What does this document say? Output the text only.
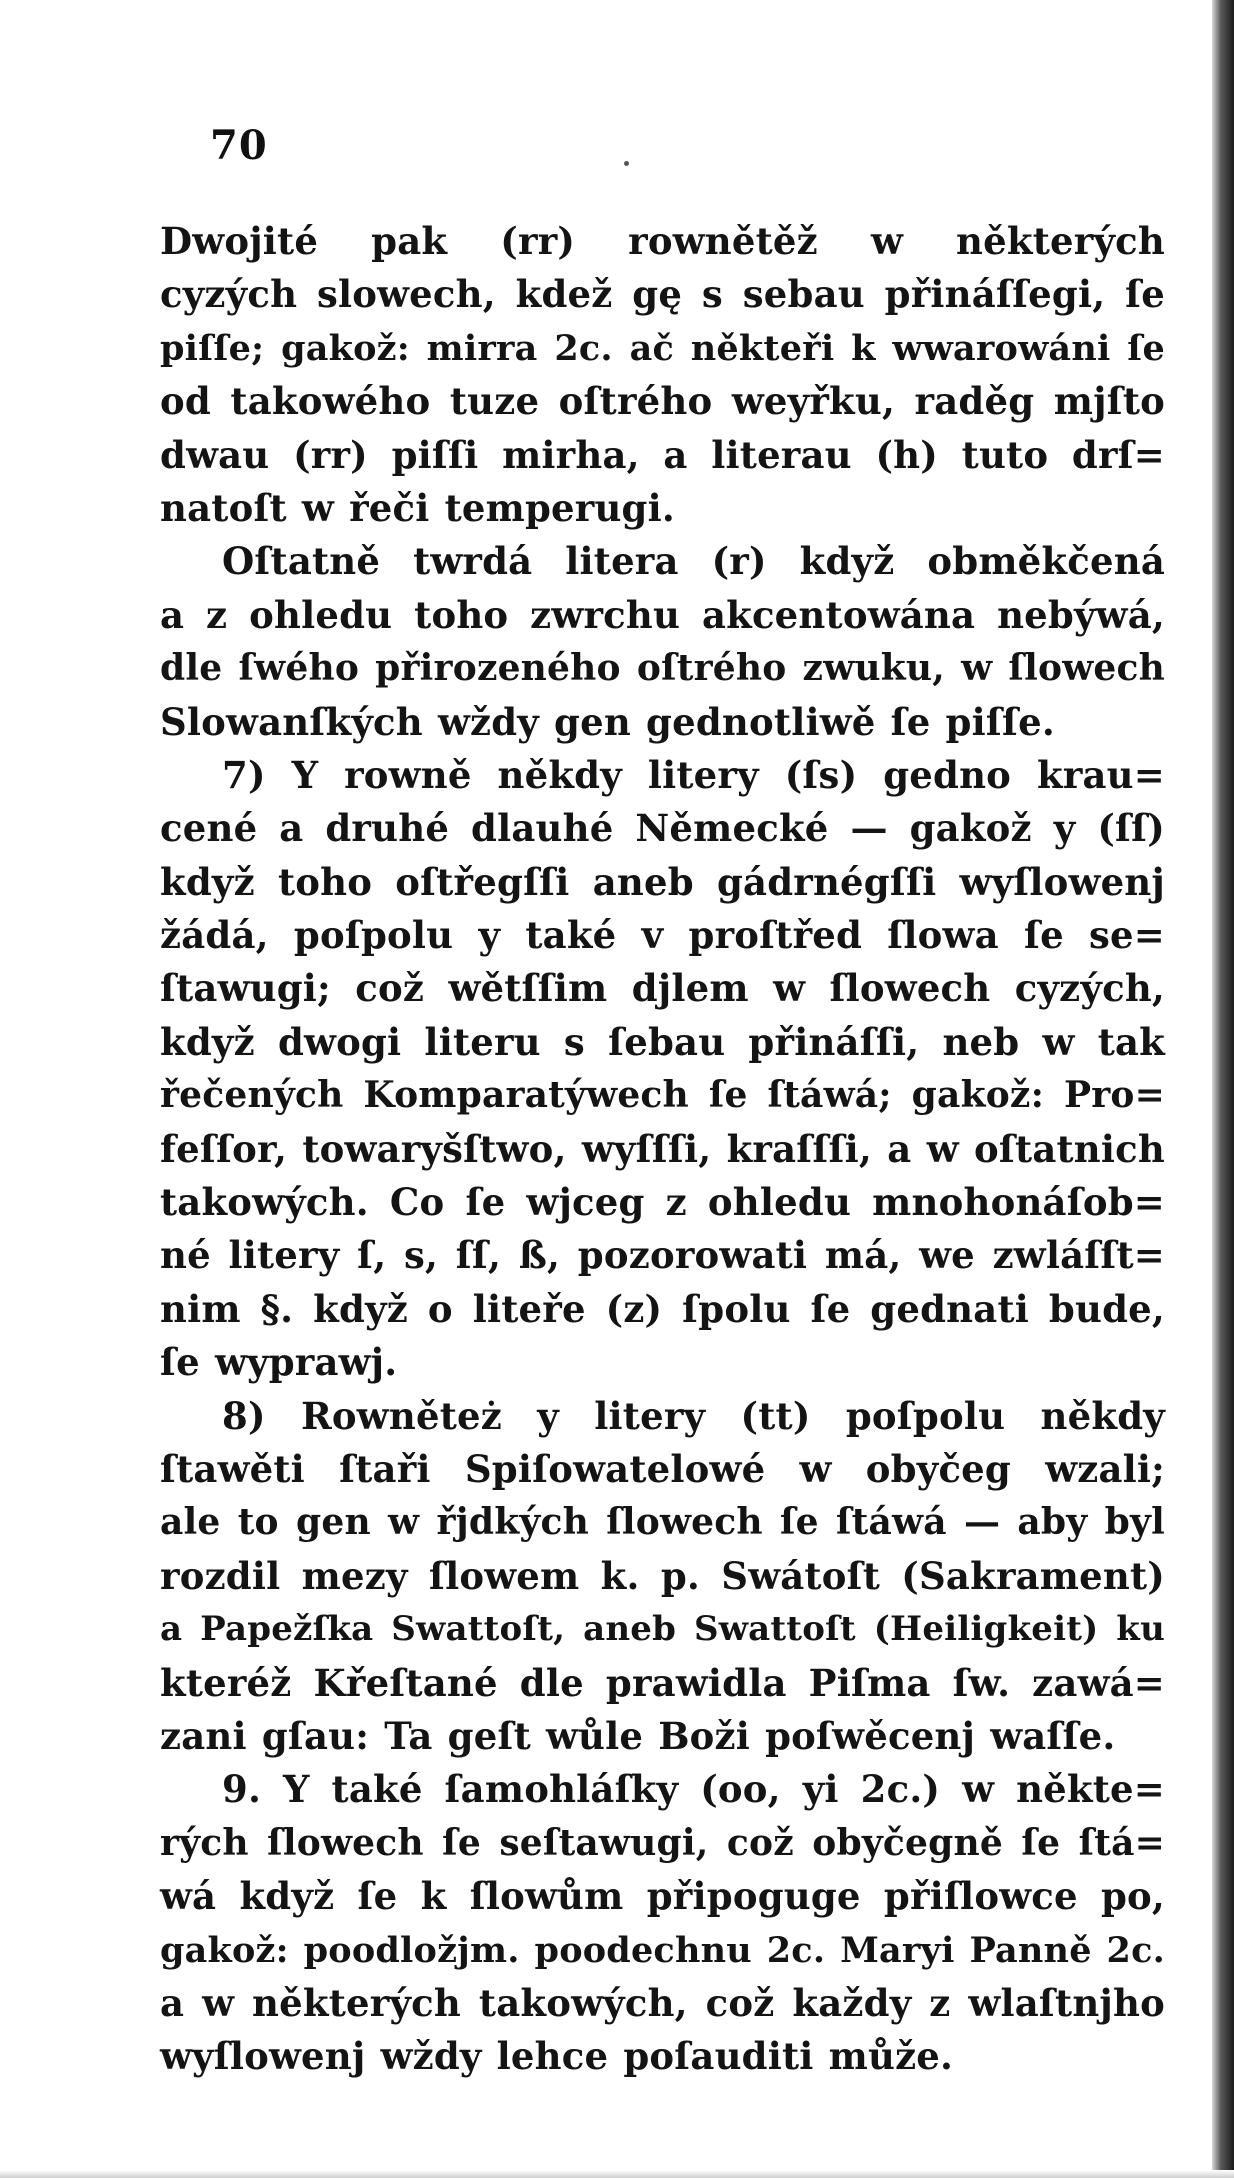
70
Dwojité pak (rr) rownětěž w některých
cyzých slowech, kdež gę s sebau přináſſegi, ſe
piſſe; gakož: mirra 2c. ač někteři k wwarowáni ſe
od takowého tuze oſtrého weyřku, raděg mjſto
dwau (rr) piſſi mirha, a literau (h) tuto drſ=
natoſt w řeči temperugi.
Oſtatně twrdá litera (r) když obměkčená
a z ohledu toho zwrchu akcentowána nebýwá,
dle ſwého přirozeného oſtrého zwuku, w ſlowech
Slowanſkých wždy gen gednotliwě ſe piſſe.
7) Y rowně někdy litery (ſs) gedno krau=
cené a druhé dlauhé Německé — gakož y (ſſ)
když toho oſtřegſſi aneb gádrnégſſi wyſlowenj
žádá, poſpolu y také v proſtřed ſlowa ſe se=
ſtawugi; což wětſſim djlem w ſlowech cyzých,
když dwogi literu s ſebau přináſſi, neb w tak
řečených Komparatýwech ſe ſtáwá; gakož: Pro=
feſſor, towaryšſtwo, wyſſſi, kraſſſi, a w oſtatnich
takowých. Co ſe wjceg z ohledu mnohonáſob=
né litery ſ, s, ſſ, ß, pozorowati má, we zwláſſt=
nim §. když o liteře (z) ſpolu ſe gednati bude,
ſe wyprawj.
8) Rowněteż y litery (tt) poſpolu někdy
ſtawěti ſtaři Spiſowatelowé w obyčeg wzali;
ale to gen w řjdkých ſlowech ſe ſtáwá — aby byl
rozdil mezy ſlowem k. p. Swátoſt (Sakrament)
a Papežſka Swattoſt, aneb Swattoſt (Heiligkeit) ku
kteréž Křeſtané dle prawidla Piſma ſw. zawá=
zani gſau: Ta geſt wůle Boži poſwěcenj waſſe.
9. Y také ſamohláſky (oo, yi 2c.) w někte=
rých ſlowech ſe seſtawugi, což obyčegně ſe ſtá=
wá když ſe k ſlowům připoguge přiſlowce po,
gakož: poodložjm. poodechnu 2c. Maryi Panně 2c.
a w některých takowých, což každy z wlaſtnjho
wyſlowenj wždy lehce poſauditi může.
